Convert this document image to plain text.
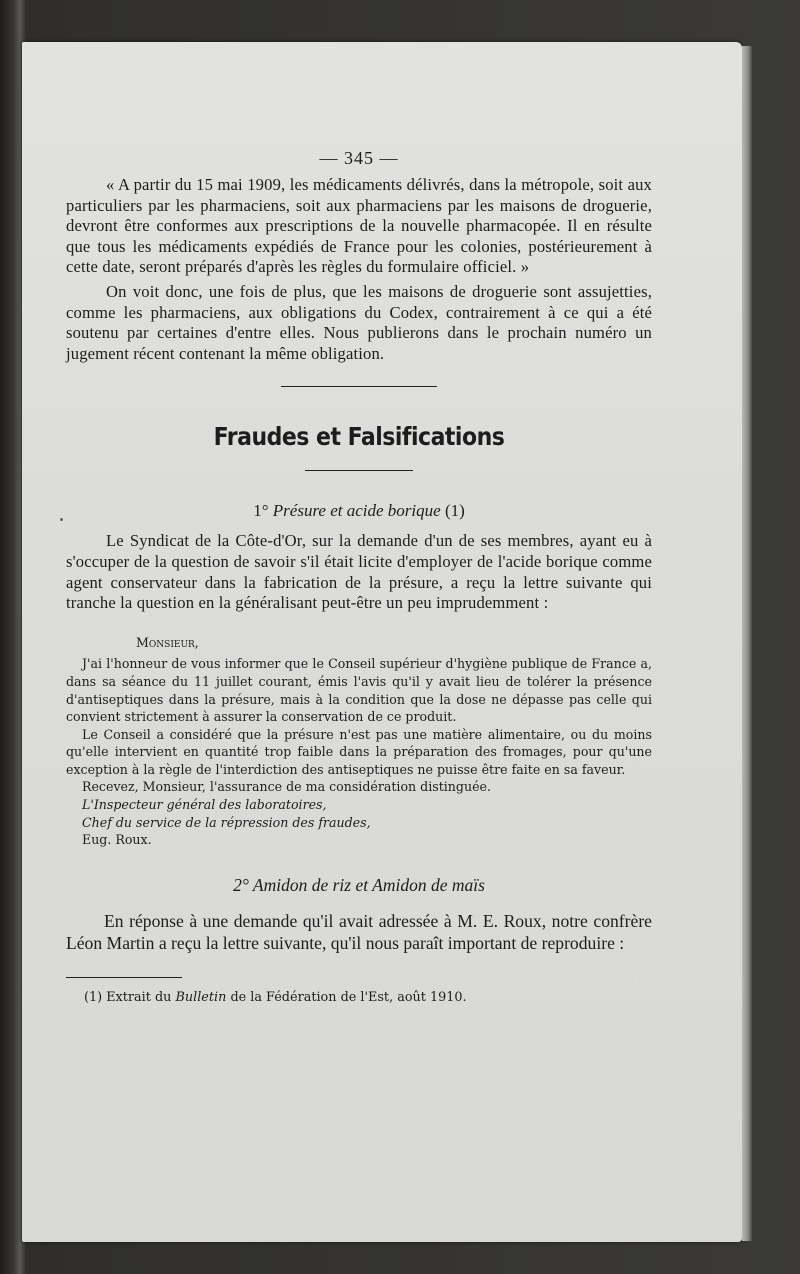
— 345 —

« A partir du 15 mai 1909, les médicaments délivrés, dans la métropole, soit aux particuliers par les pharmaciens, soit aux pharmaciens par les maisons de droguerie, devront être conformes aux prescriptions de la nouvelle pharmacopée. Il en résulte que tous les médicaments expédiés de France pour les colonies, postérieurement à cette date, seront préparés d'après les règles du formulaire officiel. »

On voit donc, une fois de plus, que les maisons de droguerie sont assujetties, comme les pharmaciens, aux obligations du Codex, contrairement à ce qui a été soutenu par certaines d'entre elles. Nous publierons dans le prochain numéro un jugement récent contenant la même obligation.

Fraudes et Falsifications
1° Présure et acide borique (1)

Le Syndicat de la Côte-d'Or, sur la demande d'un de ses membres, ayant eu à s'occuper de la question de savoir s'il était licite d'employer de l'acide borique comme agent conservateur dans la fabrication de la présure, a reçu la lettre suivante qui tranche la question en la généralisant peut-être un peu imprudemment :

Monsieur,

J'ai l'honneur de vous informer que le Conseil supérieur d'hygiène publique de France a, dans sa séance du 11 juillet courant, émis l'avis qu'il y avait lieu de tolérer la présence d'antiseptiques dans la présure, mais à la condition que la dose ne dépasse pas celle qui convient strictement à assurer la conservation de ce produit.

Le Conseil a considéré que la présure n'est pas une matière alimentaire, ou du moins qu'elle intervient en quantité trop faible dans la préparation des fromages, pour qu'une exception à la règle de l'interdiction des antiseptiques ne puisse être faite en sa faveur.

Recevez, Monsieur, l'assurance de ma considération distinguée.

L'Inspecteur général des laboratoires,

Chef du service de la répression des fraudes,

Eug. Roux.

2° Amidon de riz et Amidon de maïs

En réponse à une demande qu'il avait adressée à M. E. Roux, notre confrère Léon Martin a reçu la lettre suivante, qu'il nous paraît important de reproduire :

(1) Extrait du Bulletin de la Fédération de l'Est, août 1910.
